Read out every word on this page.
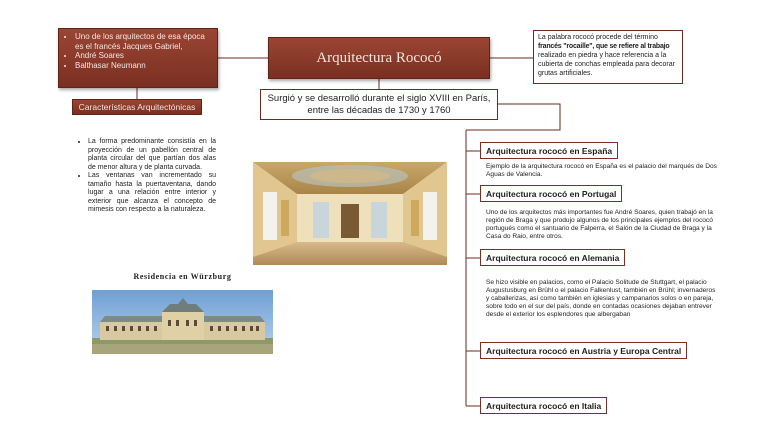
Arquitectura Rococó
Surgió y se desarrolló durante el siglo XVIII en París, entre las décadas de 1730 y 1760
• Uno de los arquitectos de esa época es el francés Jacques Gabriel,
• André Soares
• Balthasar Neumann
Características Arquitectónicas
La palabra rococó procede del término francés "rocaille", que se refiere al trabajo realizado en piedra y hace referencia a la cubierta de conchas empleada para decorar grutas artificiales.
• La forma predominante consistía en la proyección de un pabellón central de planta circular del que partían dos alas de menor altura y de planta curvada.
• Las ventanas van incrementado su tamaño hasta la puertaventana, dando lugar a una relación entre interior y exterior que alcanza el concepto de mimesis con respecto a la naturaleza.
Residencia en Würzburg
Arquitectura rococó en España
Ejemplo de la arquitectura rococó en España es el palacio del marqués de Dos Aguas de Valencia.
Arquitectura rococó en Portugal
Uno de los arquitectos más importantes fue André Soares, quien trabajó en la región de Braga y que produjo algunos de los principales ejemplos del rococó portugués como el santuario de Falperra, el Salón de la Ciudad de Braga y la Casa do Raio, entre otros.
Arquitectura rococó en Alemania
Se hizo visible en palacios, como el Palacio Solitude de Stuttgart, el palacio Augustusburg en Brühl o el palacio Falkenlust, también en Brühl; invernaderos y caballerizas, así como también en iglesias y campanarios solos o en pareja, sobre todo en el sur del país, donde en contadas ocasiones dejaban entrever desde el exterior los esplendores que albergaban
Arquitectura rococó en Austria y Europa Central
Arquitectura rococó en Italia
